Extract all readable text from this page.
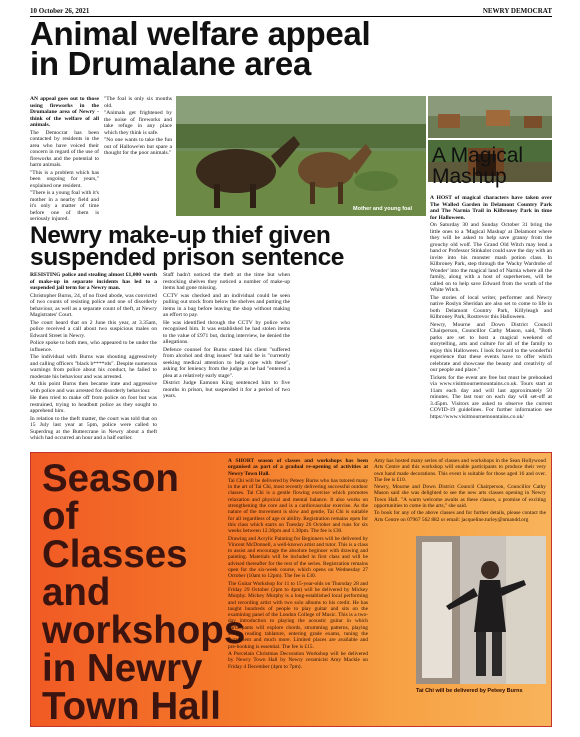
10 October 26, 2021	NEWRY DEMOCRAT
Animal welfare appeal
in Drumalane area

AN appeal goes out to those using fireworks in the Drumalane area of Newry - think of the welfare of all animals.

The Democrat has been contacted by residents in the area who have voiced their concern in regard of the use of fireworks and the potential to harm animals.

"This is a problem which has been ongoing for years," explained one resident.

"There is a young foal with it's mother in a nearby field and it's only a matter of time before one of them is seriously injured.

"The foal is only six months old.

"Animals get frightened by the noise of fireworks and take refuge in any place which they think is safe.

"No one wants to take the fun out of Hallowe'en but spare a thought for the poor animals."

Mother and young foal
A Magical
Mashup

A HOST of magical characters have taken over The Walled Garden in Delamont Country Park and The Narnia Trail in Kilbroney Park in time for Halloween.

On Saturday 30 and Sunday October 31 bring the little ones to a 'Magical Mashup' at Delamont where they will be asked to help save granny from the grouchy old wolf. The Grand Old Witch may lend a hand or Professor Stinkalot could save the day with an invite into his monster mash potion class. In Kilbroney Park, step through the 'Wacky Wardrobe of Wonder' into the magical land of Narnia where all the family, along with a host of superheroes, will be called on to help save Edward from the wrath of the White Witch.

The stories of local writer, performer and Newry native Roslyn Sheridan are also set to come to life in both Delamont Country Park, Killyleagh and Kilbroney Park, Rostrevor this Halloween.

Newry, Mourne and Down District Council Chairperson, Councillor Cathy Mason, said, "Both parks are set to host a magical weekend of storytelling, arts and culture for all of the family to enjoy this Halloween. I look forward to the wonderful experience that these events have to offer which celebrate and showcase the beauty and creativity of our people and place."

Tickets for the event are free but must be prebooked via www.visitmournemountains.co.uk. Tours start at 11am each day and will last approximately 50 minutes. The last tour on each day will set-off at 3.45pm. Visitors are asked to observe the current COVID-19 guidelines. For further information see https://www.visitmournemountains.co.uk/

Newry make-up thief given
suspended prison sentence

RESISTING police and stealing almost £1,000 worth of make-up in separate incidents has led to a suspended jail term for a Newry man.

Christopher Burns, 24, of no fixed abode, was convicted of two counts of resisting police and one of disorderly behaviour, as well as a separate count of theft, at Newry Magistrates' Court.

The court heard that on 2 June this year, at 3.35am, police received a call about two suspicious males on Edward Street in Newry.

Police spoke to both men, who appeared to be under the influence.

The individual with Burns was shouting aggressively and calling officers "black b****rds". Despite numerous warnings from police about his conduct, he failed to moderate his behaviour and was arrested.

At this point Burns then became irate and aggressive with police and was arrested for disorderly behaviour.

He then tried to make off from police on foot but was restrained, trying to headbutt police as they sought to apprehend him.

In relation to the theft matter, the court was told that on 15 July last year at 5pm, police were called to Superdrug at the Buttercrane in Newry about a theft which had occurred an hour and a half earlier.

Staff hadn't noticed the theft at the time but when restocking shelves they noticed a number of make-up items had gone missing.

CCTV was checked and an individual could be seen pulling out stock from below the shelves and putting the items in a bag before leaving the shop without making an effort to pay.

He was identified through the CCTV by police who recognised him. It was established he had stolen items to the value of £971 but, during interview, he denied the allegations.

Defence counsel for Burns stated his client "suffered from alcohol and drug issues" but said he is "currently seeking medical attention to help cope with these", asking for leniency from the judge as he had "entered a plea at a relatively early stage".

District Judge Eamonn King sentenced him to five months in prison, but suspended it for a period of two years.

Season of
Classes
and
workshops
in Newry
Town Hall

A SHORT season of classes and workshops has been organised as part of a gradual re-opening of activities at Newry Town Hall.

Tai Chi will be delivered by Peteey Burns who has tutored many in the art of Tai Chi, most recently delivering successful outdoor classes. Tai Chi is a gentle flowing exercise which promotes relaxation and physical and mental balance. It also works on strengthening the core and is a cardiovascular exercise. As the nature of the movement is slow and gentle, Tai Chi is suitable for all regardless of age or ability. Registration remains open for this class which starts on Tuesday 26 October and runs for six weeks between 12.30pm and 1.30pm. The fee is £30.

Drawing and Acrylic Painting for Beginners will be delivered by Vincent McDonnell, a well-known artist and tutor. This is a class to assist and encourage the absolute beginner with drawing and painting. Materials will be included in first class and will be advised thereafter for the rest of the series. Registration remains open for the six-week course, which opens on Wednesday 27 October (10am to 12pm). The fee is £30.

The Guitar Workshop for 11 to 15-year-olds on Thursday 28 and Friday 29 October (2pm to 4pm) will be delivered by Mickey Murphy. Mickey Murphy is a long-established local performing and recording artist with two solo albums to his credit. He has taught hundreds of people to play guitar and sits on the examining panel of the London College of Music. This is a two-day introduction to playing the acoustic guitar in which participants will explore chords, strumming patterns, playing songs, reading tablature, entering grade exams, tuning the instrument and much more. Limited places are available and pre-booking is essential. The fee is £15.

A Porcelain Christmas Decoration Workshop will be delivered by Newry Town Hall by Newry ceramicist Amy Mackle on Friday 4 December (4pm to 7pm).

Amy has hosted many series of classes and workshops in the Sean Hollywood Arts Centre and this workshop will enable participants to produce their very own hand made decorations. This event is suitable for those aged 16 and over. The fee is £10.

Newry, Mourne and Down District Council Chairperson, Councillor Cathy Mason said she was delighted to see the new arts classes opening in Newry Town Hall. "A warm welcome awaits as these classes, a promise of exciting opportunities to come in the arts," she said.

To book for any of the above classes and for further details, please contact the Arts Centre on 07967 562 882 or email: jacqueline.turley@nmandd.org

Tai Chi will be delivered by Peteey Burns
